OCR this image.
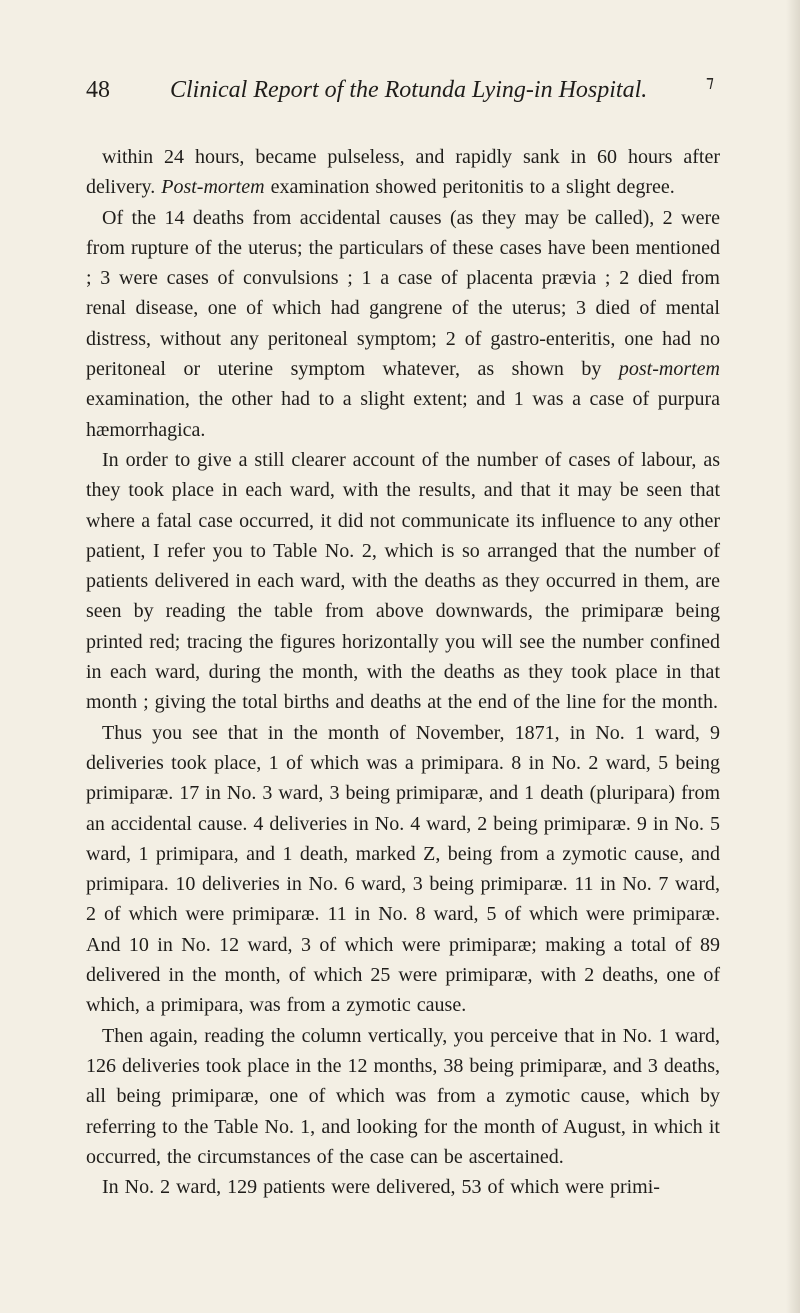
48	Clinical Report of the Rotunda Lying-in Hospital.	⁊

within 24 hours, became pulseless, and rapidly sank in 60 hours after delivery. Post-mortem examination showed peritonitis to a slight degree.

Of the 14 deaths from accidental causes (as they may be called), 2 were from rupture of the uterus; the particulars of these cases have been mentioned ; 3 were cases of convulsions ; 1 a case of placenta prævia ; 2 died from renal disease, one of which had gangrene of the uterus; 3 died of mental distress, without any peritoneal symptom; 2 of gastro-enteritis, one had no peritoneal or uterine symptom whatever, as shown by post-mortem examination, the other had to a slight extent; and 1 was a case of purpura hæmorrhagica.

In order to give a still clearer account of the number of cases of labour, as they took place in each ward, with the results, and that it may be seen that where a fatal case occurred, it did not communicate its influence to any other patient, I refer you to Table No. 2, which is so arranged that the number of patients delivered in each ward, with the deaths as they occurred in them, are seen by reading the table from above downwards, the primiparæ being printed red; tracing the figures horizontally you will see the number confined in each ward, during the month, with the deaths as they took place in that month ; giving the total births and deaths at the end of the line for the month.

Thus you see that in the month of November, 1871, in No. 1 ward, 9 deliveries took place, 1 of which was a primipara. 8 in No. 2 ward, 5 being primiparæ. 17 in No. 3 ward, 3 being primiparæ, and 1 death (pluripara) from an accidental cause. 4 deliveries in No. 4 ward, 2 being primiparæ. 9 in No. 5 ward, 1 primipara, and 1 death, marked Z, being from a zymotic cause, and primipara. 10 deliveries in No. 6 ward, 3 being primiparæ. 11 in No. 7 ward, 2 of which were primiparæ. 11 in No. 8 ward, 5 of which were primiparæ. And 10 in No. 12 ward, 3 of which were primiparæ; making a total of 89 delivered in the month, of which 25 were primiparæ, with 2 deaths, one of which, a primipara, was from a zymotic cause.

Then again, reading the column vertically, you perceive that in No. 1 ward, 126 deliveries took place in the 12 months, 38 being primiparæ, and 3 deaths, all being primiparæ, one of which was from a zymotic cause, which by referring to the Table No. 1, and looking for the month of August, in which it occurred, the circumstances of the case can be ascertained.

In No. 2 ward, 129 patients were delivered, 53 of which were primi-
